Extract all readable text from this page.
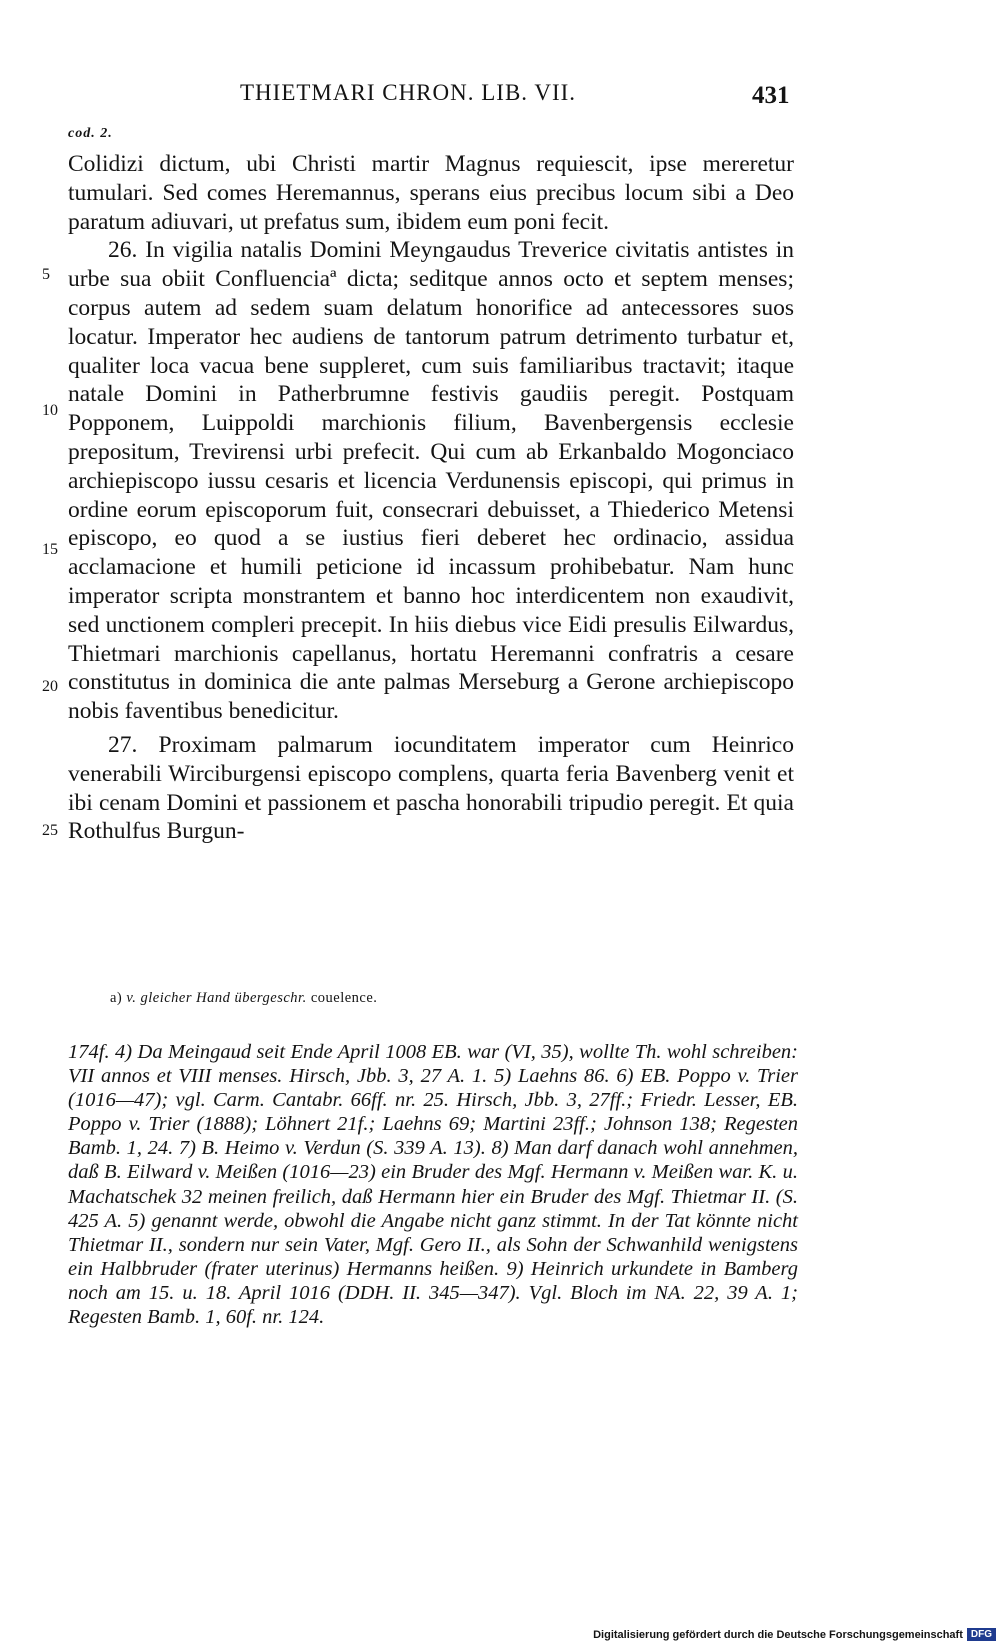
THIETMARI CHRON. LIB. VII.	431
cod. 2.
5
10
15
20
25

Colidizi dictum, ubi Christi martir Magnus requiescit, ipse mereretur tumulari. Sed comes Heremannus, sperans eius precibus locum sibi a Deo paratum adiuvari, ut prefatus sum, ibidem eum poni fecit.

26. In vigilia natalis Domini Meyngaudus Treverice civitatis antistes in urbe sua obiit Confluenciaª dicta; seditque annos octo et septem menses; corpus autem ad sedem suam delatum honorifice ad antecessores suos locatur. Imperator hec audiens de tantorum patrum detrimento turbatur et, qualiter loca vacua bene suppleret, cum suis familiaribus tractavit; itaque natale Domini in Patherbrumne festivis gaudiis peregit. Postquam Popponem, Luippoldi marchionis filium, Bavenbergensis ecclesie prepositum, Trevirensi urbi prefecit. Qui cum ab Erkanbaldo Mogonciaco archiepiscopo iussu cesaris et licencia Verdunensis episcopi, qui primus in ordine eorum episcoporum fuit, consecrari debuisset, a Thiederico Metensi episcopo, eo quod a se iustius fieri deberet hec ordinacio, assidua acclamacione et humili peticione id incassum prohibebatur. Nam hunc imperator scripta monstrantem et banno hoc interdicentem non exaudivit, sed unctionem compleri precepit. In hiis diebus vice Eidi presulis Eilwardus, Thietmari marchionis capellanus, hortatu Heremanni confratris a cesare constitutus in dominica die ante palmas Merseburg a Gerone archiepiscopo nobis faventibus benedicitur.

27. Proximam palmarum iocunditatem imperator cum Heinrico venerabili Wirciburgensi episcopo complens, quarta feria Bavenberg venit et ibi cenam Domini et passionem et pascha honorabili tripudio peregit. Et quia Rothulfus Burgun-

a) v. gleicher Hand übergeschr. couelence.

174f. 4) Da Meingaud seit Ende April 1008 EB. war (VI, 35), wollte Th. wohl schreiben: VII annos et VIII menses. Hirsch, Jbb. 3, 27 A. 1. 5) Laehns 86. 6) EB. Poppo v. Trier (1016—47); vgl. Carm. Cantabr. 66ff. nr. 25. Hirsch, Jbb. 3, 27ff.; Friedr. Lesser, EB. Poppo v. Trier (1888); Löhnert 21f.; Laehns 69; Martini 23ff.; Johnson 138; Regesten Bamb. 1, 24. 7) B. Heimo v. Verdun (S. 339 A. 13). 8) Man darf danach wohl annehmen, daß B. Eilward v. Meißen (1016—23) ein Bruder des Mgf. Hermann v. Meißen war. K. u. Machatschek 32 meinen freilich, daß Hermann hier ein Bruder des Mgf. Thietmar II. (S. 425 A. 5) genannt werde, obwohl die Angabe nicht ganz stimmt. In der Tat könnte nicht Thietmar II., sondern nur sein Vater, Mgf. Gero II., als Sohn der Schwanhild wenigstens ein Halbbruder (frater uterinus) Hermanns heißen. 9) Heinrich urkundete in Bamberg noch am 15. u. 18. April 1016 (DDH. II. 345—347). Vgl. Bloch im NA. 22, 39 A. 1; Regesten Bamb. 1, 60f. nr. 124.

Digitalisierung gefördert durch die Deutsche Forschungsgemeinschaft DFG
